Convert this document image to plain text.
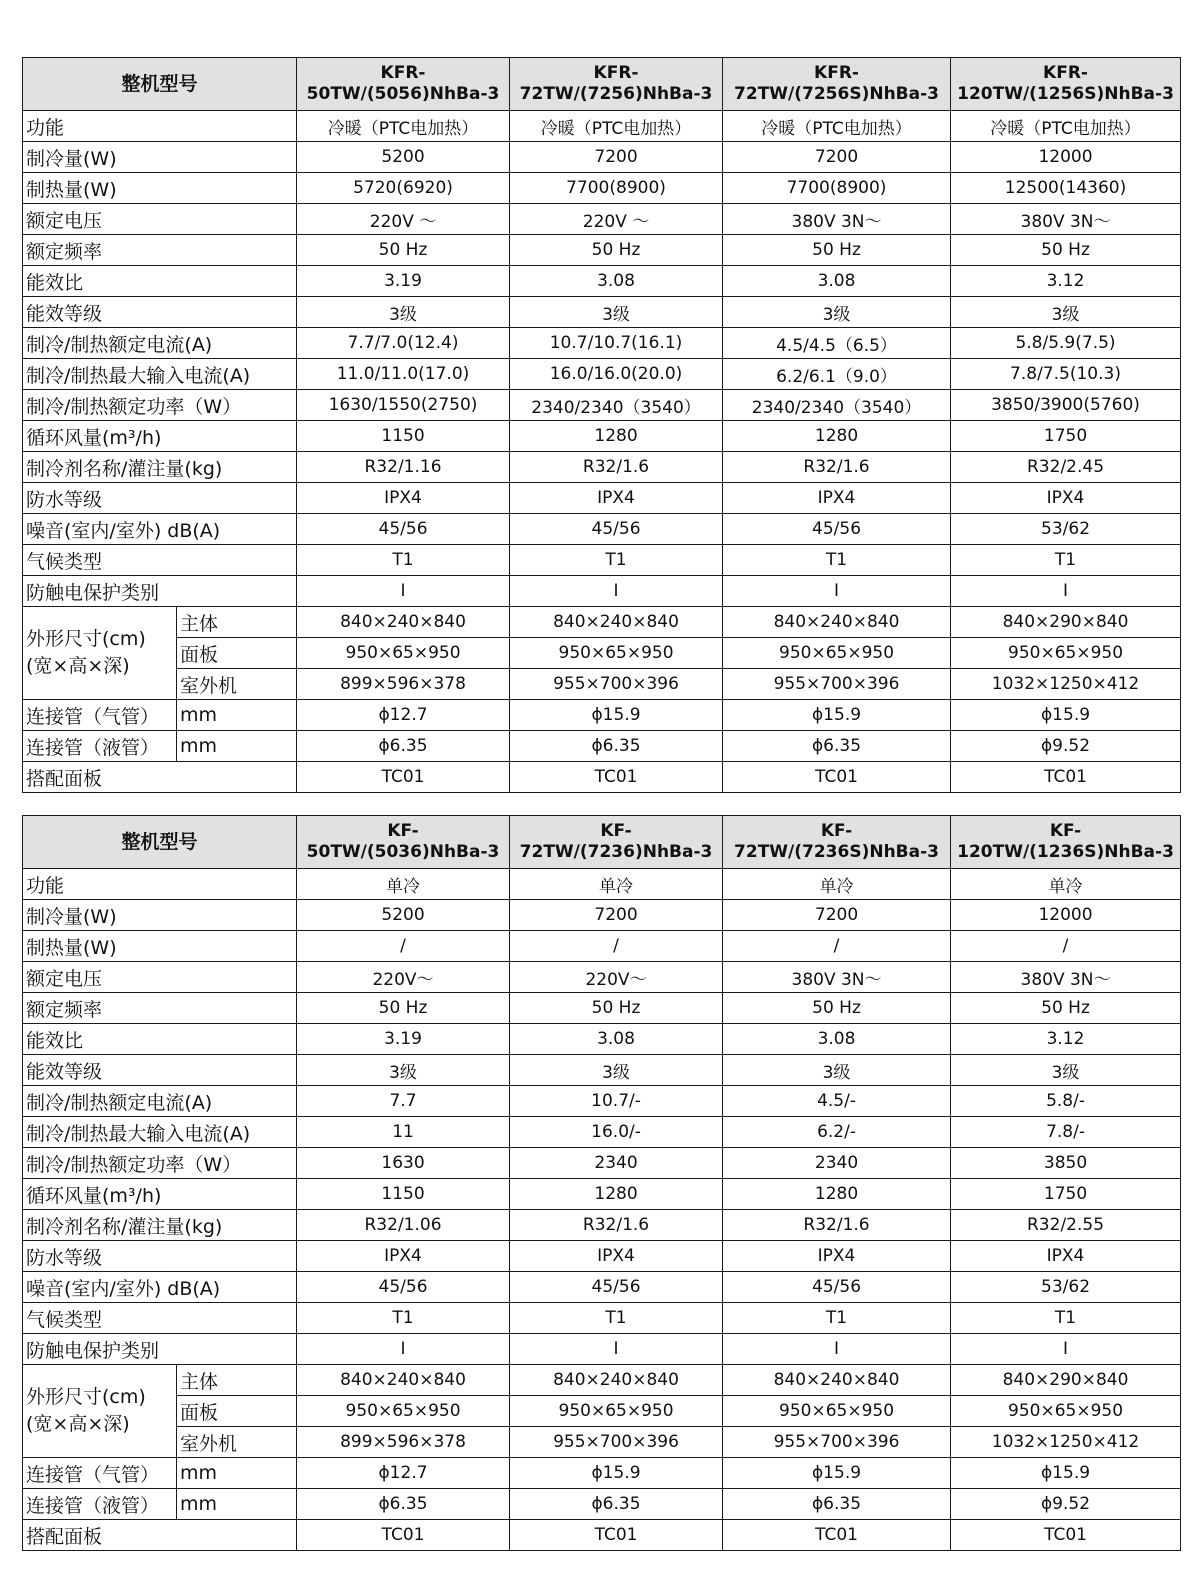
整机型号		KFR-50TW/(5056)NhBa-3	KFR-72TW/(7256)NhBa-3	KFR-72TW/(7256S)NhBa-3	KFR-120TW/(1256S)NhBa-3
功能		冷暖（PTC电加热）	冷暖（PTC电加热）	冷暖（PTC电加热）	冷暖（PTC电加热）
制冷量(W)		5200	7200	7200	12000
制热量(W)		5720(6920)	7700(8900)	7700(8900)	12500(14360)
额定电压		220V ～	220V ～	380V 3N～	380V 3N～
额定频率		50 Hz	50 Hz	50 Hz	50 Hz
能效比		3.19	3.08	3.08	3.12
能效等级		3级	3级	3级	3级
制冷/制热额定电流(A)		7.7/7.0(12.4)	10.7/10.7(16.1)	4.5/4.5（6.5）	5.8/5.9(7.5)
制冷/制热最大输入电流(A)		11.0/11.0(17.0)	16.0/16.0(20.0)	6.2/6.1（9.0）	7.8/7.5(10.3)
制冷/制热额定功率（W）		1630/1550(2750)	2340/2340（3540）	2340/2340（3540）	3850/3900(5760)
循环风量(m³/h)		1150	1280	1280	1750
制冷剂名称/灌注量(kg)		R32/1.16	R32/1.6	R32/1.6	R32/2.45
防水等级		IPX4	IPX4	IPX4	IPX4
噪音(室内/室外) dB(A)		45/56	45/56	45/56	53/62
气候类型		T1	T1	T1	T1
防触电保护类别		I	I	I	I

外形尺寸(cm)
(宽×高×深)	主体	840×240×840	840×240×840	840×240×840	840×290×840
	面板	950×65×950	950×65×950	950×65×950	950×65×950
	室外机	899×596×378	955×700×396	955×700×396	1032×1250×412
连接管（气管）	mm	ϕ12.7	ϕ15.9	ϕ15.9	ϕ15.9
连接管（液管）	mm	ϕ6.35	ϕ6.35	ϕ6.35	ϕ9.52
搭配面板		TC01	TC01	TC01	TC01
整机型号		KF-50TW/(5036)NhBa-3	KF-72TW/(7236)NhBa-3	KF-72TW/(7236S)NhBa-3	KF-120TW/(1236S)NhBa-3
功能		单冷	单冷	单冷	单冷
制冷量(W)		5200	7200	7200	12000
制热量(W)		/	/	/	/
额定电压		220V～	220V～	380V 3N～	380V 3N～
额定频率		50 Hz	50 Hz	50 Hz	50 Hz
能效比		3.19	3.08	3.08	3.12
能效等级		3级	3级	3级	3级
制冷/制热额定电流(A)		7.7	10.7/-	4.5/-	5.8/-
制冷/制热最大输入电流(A)		11	16.0/-	6.2/-	7.8/-
制冷/制热额定功率（W）		1630	2340	2340	3850
循环风量(m³/h)		1150	1280	1280	1750
制冷剂名称/灌注量(kg)		R32/1.06	R32/1.6	R32/1.6	R32/2.55
防水等级		IPX4	IPX4	IPX4	IPX4
噪音(室内/室外) dB(A)		45/56	45/56	45/56	53/62
气候类型		T1	T1	T1	T1
防触电保护类别		I	I	I	I

外形尺寸(cm)
(宽×高×深)	主体	840×240×840	840×240×840	840×240×840	840×290×840
	面板	950×65×950	950×65×950	950×65×950	950×65×950
	室外机	899×596×378	955×700×396	955×700×396	1032×1250×412
连接管（气管）	mm	ϕ12.7	ϕ15.9	ϕ15.9	ϕ15.9
连接管（液管）	mm	ϕ6.35	ϕ6.35	ϕ6.35	ϕ9.52
搭配面板		TC01	TC01	TC01	TC01
